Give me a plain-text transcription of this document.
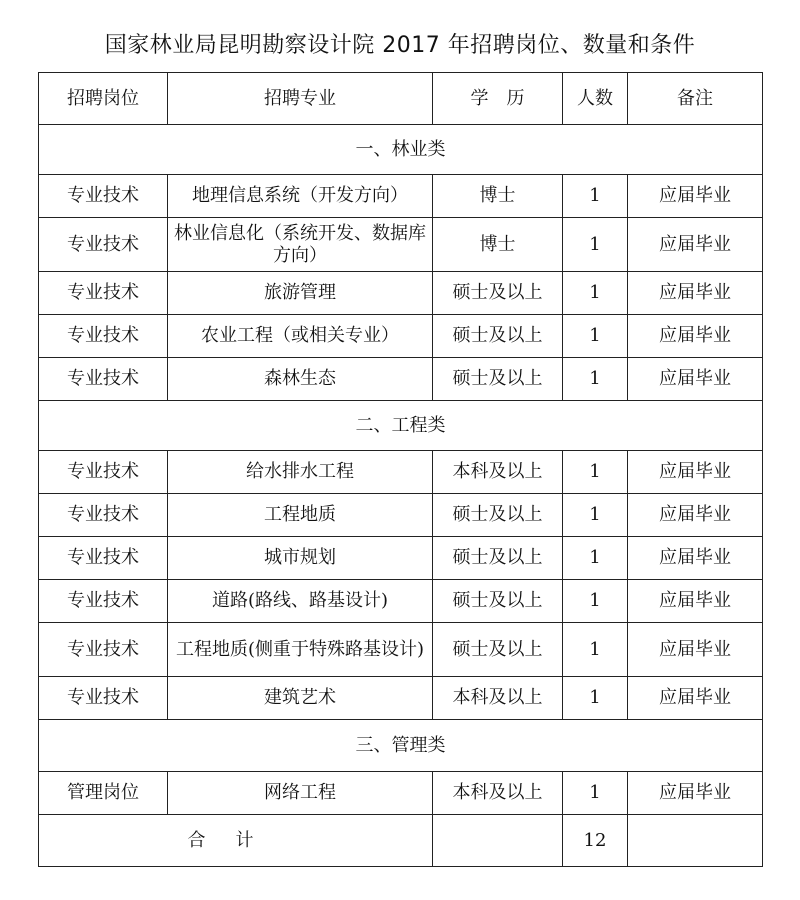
国家林业局昆明勘察设计院 2017 年招聘岗位、数量和条件
招聘岗位	招聘专业	学　历	人数	备注
一、林业类				
专业技术	地理信息系统（开发方向）	博士	1	应届毕业
专业技术	林业信息化（系统开发、数据库方向）	博士	1	应届毕业
专业技术	旅游管理	硕士及以上	1	应届毕业
专业技术	农业工程（或相关专业）	硕士及以上	1	应届毕业
专业技术	森林生态	硕士及以上	1	应届毕业
二、工程类				
专业技术	给水排水工程	本科及以上	1	应届毕业
专业技术	工程地质	硕士及以上	1	应届毕业
专业技术	城市规划	硕士及以上	1	应届毕业
专业技术	道路(路线、路基设计)	硕士及以上	1	应届毕业
专业技术	工程地质(侧重于特殊路基设计)	硕士及以上	1	应届毕业
专业技术	建筑艺术	本科及以上	1	应届毕业
三、管理类				
管理岗位	网络工程	本科及以上	1	应届毕业
合计			12	
